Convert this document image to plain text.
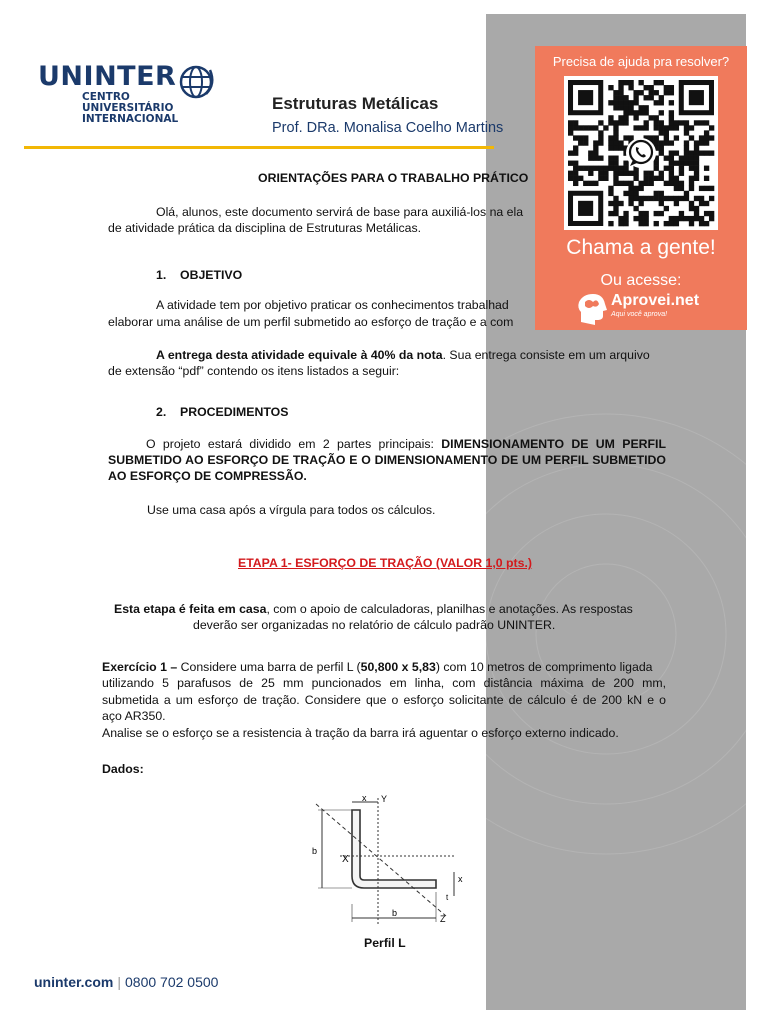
UNINTER
CENTRO
UNIVERSITÁRIO
INTERNACIONAL
Estruturas Metálicas
Prof. DRa. Monalisa Coelho Martins
ORIENTAÇÕES PARA O TRABALHO PRÁTICO
Olá, alunos, este documento servirá de base para auxiliá-los na ela
de atividade prática da disciplina de Estruturas Metálicas.
1. OBJETIVO
A atividade tem por objetivo praticar os conhecimentos trabalhad
elaborar uma análise de um perfil submetido ao esforço de tração e a com
A entrega desta atividade equivale à 40% da nota. Sua entrega consiste em um arquivo
de extensão “pdf” contendo os itens listados a seguir:
2. PROCEDIMENTOS
O projeto estará dividido em 2 partes principais: DIMENSIONAMENTO DE UM PERFIL SUBMETIDO AO ESFORÇO DE TRAÇÃO E O DIMENSIONAMENTO DE UM PERFIL SUBMETIDO AO ESFORÇO DE COMPRESSÃO.
Use uma casa após a vírgula para todos os cálculos.
ETAPA 1- ESFORÇO DE TRAÇÃO (VALOR 1,0 pts.)
Esta etapa é feita em casa, com o apoio de calculadoras, planilhas e anotações. As respostas
deverão ser organizadas no relatório de cálculo padrão UNINTER.
Exercício 1 – Considere uma barra de perfil L (50,800 x 5,83) com 10 metros de comprimento ligada
utilizando 5 parafusos de 25 mm puncionados em linha, com distância máxima de 200 mm,
submetida a um esforço de tração. Considere que o esforço solicitante de cálculo é de 200 kN e o
aço AR350.
Analise se o esforço se a resistencia à tração da barra irá aguentar o esforço externo indicado.
Dados:
x Y
b
X
x
t
b
Z
Perfil L
Precisa de ajuda pra resolver?
Chama a gente!
Ou acesse:
Aprovei.net
Aqui você aprova!
uninter.com | 0800 702 0500
